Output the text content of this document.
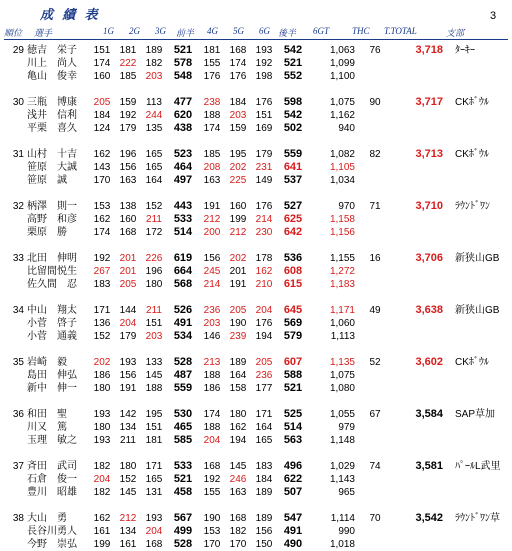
成 績 表	3
順位 選手	1G 2G 3G 前半 4G 5G 6G 後半 6GT	THC T.TOTAL	支部
29	徳吉　栄子	151	181	189	521	181	168	193	542	1,063	76	3,718	ﾀｰｷｰ
	川上　尚人	174	222	182	578	155	174	192	521	1,099			
	亀山　俊幸	160	185	203	548	176	176	198	552	1,100			

30	三瓶　博康	205	159	113	477	238	184	176	598	1,075	90	3,717	CKﾎﾞｳﾙ
	浅井　信利	184	192	244	620	188	203	151	542	1,162			
	平栗　喜久	124	179	135	438	174	159	169	502	940			

31	山村　十吉	162	196	165	523	185	195	179	559	1,082	82	3,713	CKﾎﾞｳﾙ
	笹原　大誠	143	156	165	464	208	202	231	641	1,105			
	笹原　誠	170	163	164	497	163	225	149	537	1,034			

32	柄澤　則一	153	138	152	443	191	160	176	527	970	71	3,710	ﾗｳﾝﾄﾞﾜﾝ
	高野　和彦	162	160	211	533	212	199	214	625	1,158			
	栗原　勝	174	168	172	514	200	212	230	642	1,156			

33	北田　伸明	192	201	226	619	156	202	178	536	1,155	16	3,706	新狭山GB
	比留間悦生	267	201	196	664	245	201	162	608	1,272			
	佐久間　忍	183	205	180	568	214	191	210	615	1,183			

34	中山　翔太	171	144	211	526	236	205	204	645	1,171	49	3,638	新狭山GB
	小菅　啓子	136	204	151	491	203	190	176	569	1,060			
	小菅　通義	152	179	203	534	146	239	194	579	1,113			

35	岩崎　毅	202	193	133	528	213	189	205	607	1,135	52	3,602	CKﾎﾞｳﾙ
	島田　伸弘	186	156	145	487	188	164	236	588	1,075			
	新中　伸一	180	191	188	559	186	158	177	521	1,080			

36	和田　聖	193	142	195	530	174	180	171	525	1,055	67	3,584	SAP草加
	川又　篤	180	134	151	465	188	162	164	514	979			
	玉理　敏之	193	211	181	585	204	194	165	563	1,148			

37	斉田　武司	182	180	171	533	168	145	183	496	1,029	74	3,581	ﾊﾟｰﾙL武里
	石倉　俊一	204	152	165	521	192	246	184	622	1,143			
	豊川　昭雄	182	145	131	458	155	163	189	507	965			

38	大山　勇	162	212	193	567	190	168	189	547	1,114	70	3,542	ﾗｳﾝﾄﾞﾜﾝ草
	長谷川勇人	161	134	204	499	153	182	156	491	990			
	今野　崇弘	199	161	168	528	170	170	150	490	1,018			
